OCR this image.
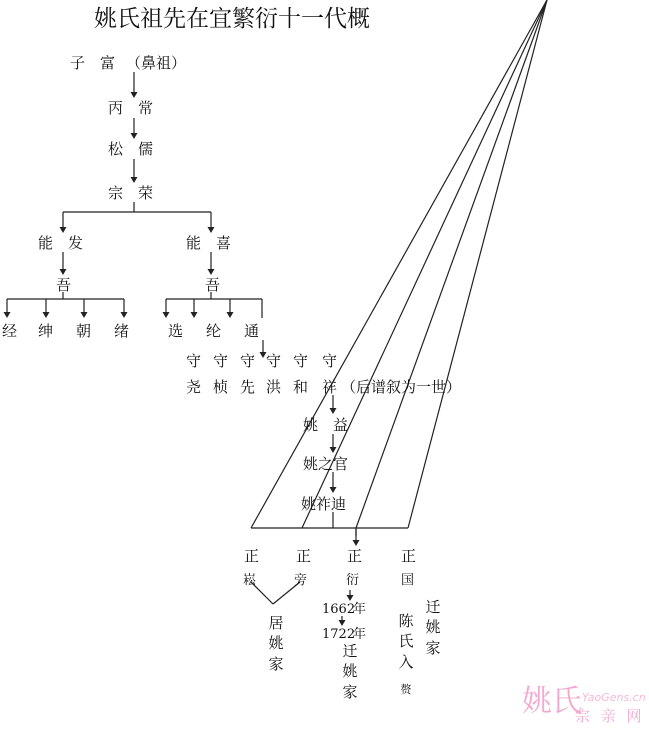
姚氏祖先在宜繁衍十一代概
子　富 （鼻祖）
丙　常
松　儒
宗　荣
能　发	能　喜
吾	吾
经 绅 朝 绪	选 纶 通
守 守 守 守 守 守
尧 桢 先 洪 和 祥 （后谱叙为一世）
姚　益
姚之官
姚祚迪
正
崧
正
旁
正
衍
正
国
1662
年
1722
年
居姚家
迁姚家
陈氏入
赘
迁姚家
姚氏 YaoGens.cn
宗 亲 网
